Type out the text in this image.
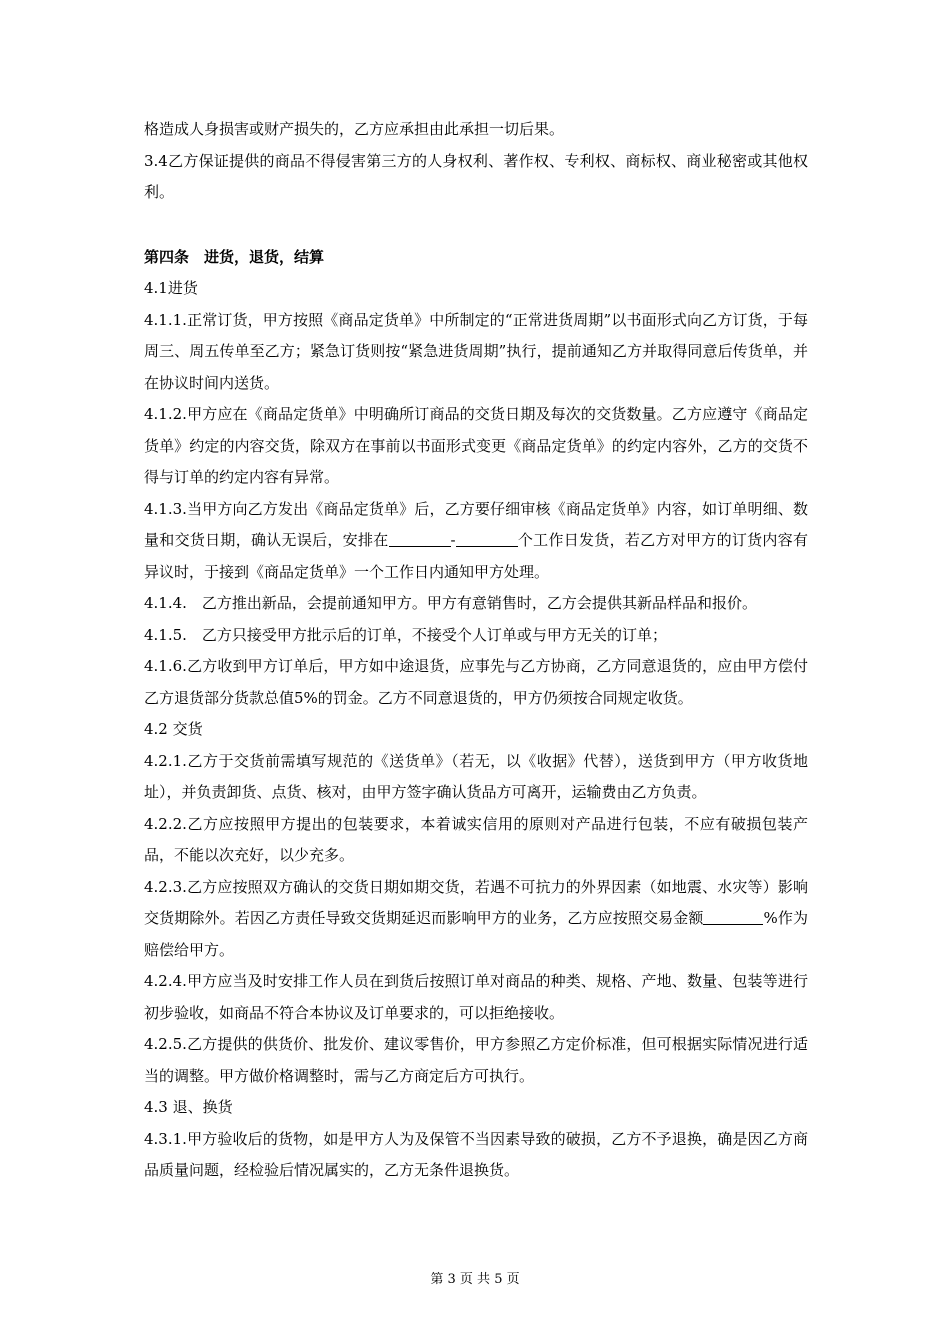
格造成人身损害或财产损失的，乙方应承担由此承担一切后果。

3.4乙方保证提供的商品不得侵害第三方的人身权利、著作权、专利权、商标权、商业秘密或其他权利。

第四条　进货，退货，结算

4.1进货

4.1.1.正常订货，甲方按照《商品定货单》中所制定的“正常进货周期”以书面形式向乙方订货，于每周三、周五传单至乙方；紧急订货则按“紧急进货周期”执行，提前通知乙方并取得同意后传货单，并在协议时间内送货。

4.1.2.甲方应在《商品定货单》中明确所订商品的交货日期及每次的交货数量。乙方应遵守《商品定货单》约定的内容交货，除双方在事前以书面形式变更《商品定货单》的约定内容外，乙方的交货不得与订单的约定内容有异常。

4.1.3.当甲方向乙方发出《商品定货单》后，乙方要仔细审核《商品定货单》内容，如订单明细、数量和交货日期，确认无误后，安排在	-	个工作日发货，若乙方对甲方的订货内容有异议时，于接到《商品定货单》一个工作日内通知甲方处理。

4.1.4.　乙方推出新品，会提前通知甲方。甲方有意销售时，乙方会提供其新品样品和报价。

4.1.5.　乙方只接受甲方批示后的订单，不接受个人订单或与甲方无关的订单；

4.1.6.乙方收到甲方订单后，甲方如中途退货，应事先与乙方协商，乙方同意退货的，应由甲方偿付乙方退货部分货款总值5%的罚金。乙方不同意退货的，甲方仍须按合同规定收货。

4.2 交货

4.2.1.乙方于交货前需填写规范的《送货单》（若无，以《收据》代替），送货到甲方（甲方收货地址），并负责卸货、点货、核对，由甲方签字确认货品方可离开，运输费由乙方负责。

4.2.2.乙方应按照甲方提出的包装要求，本着诚实信用的原则对产品进行包装，不应有破损包装产品，不能以次充好，以少充多。

4.2.3.乙方应按照双方确认的交货日期如期交货，若遇不可抗力的外界因素（如地震、水灾等）影响交货期除外。若因乙方责任导致交货期延迟而影响甲方的业务，乙方应按照交易金额	%作为赔偿给甲方。

4.2.4.甲方应当及时安排工作人员在到货后按照订单对商品的种类、规格、产地、数量、包装等进行初步验收，如商品不符合本协议及订单要求的，可以拒绝接收。

4.2.5.乙方提供的供货价、批发价、建议零售价，甲方参照乙方定价标准，但可根据实际情况进行适当的调整。甲方做价格调整时，需与乙方商定后方可执行。

4.3 退、换货

4.3.1.甲方验收后的货物，如是甲方人为及保管不当因素导致的破损，乙方不予退换，确是因乙方商品质量问题，经检验后情况属实的，乙方无条件退换货。

第 3 页 共 5 页
